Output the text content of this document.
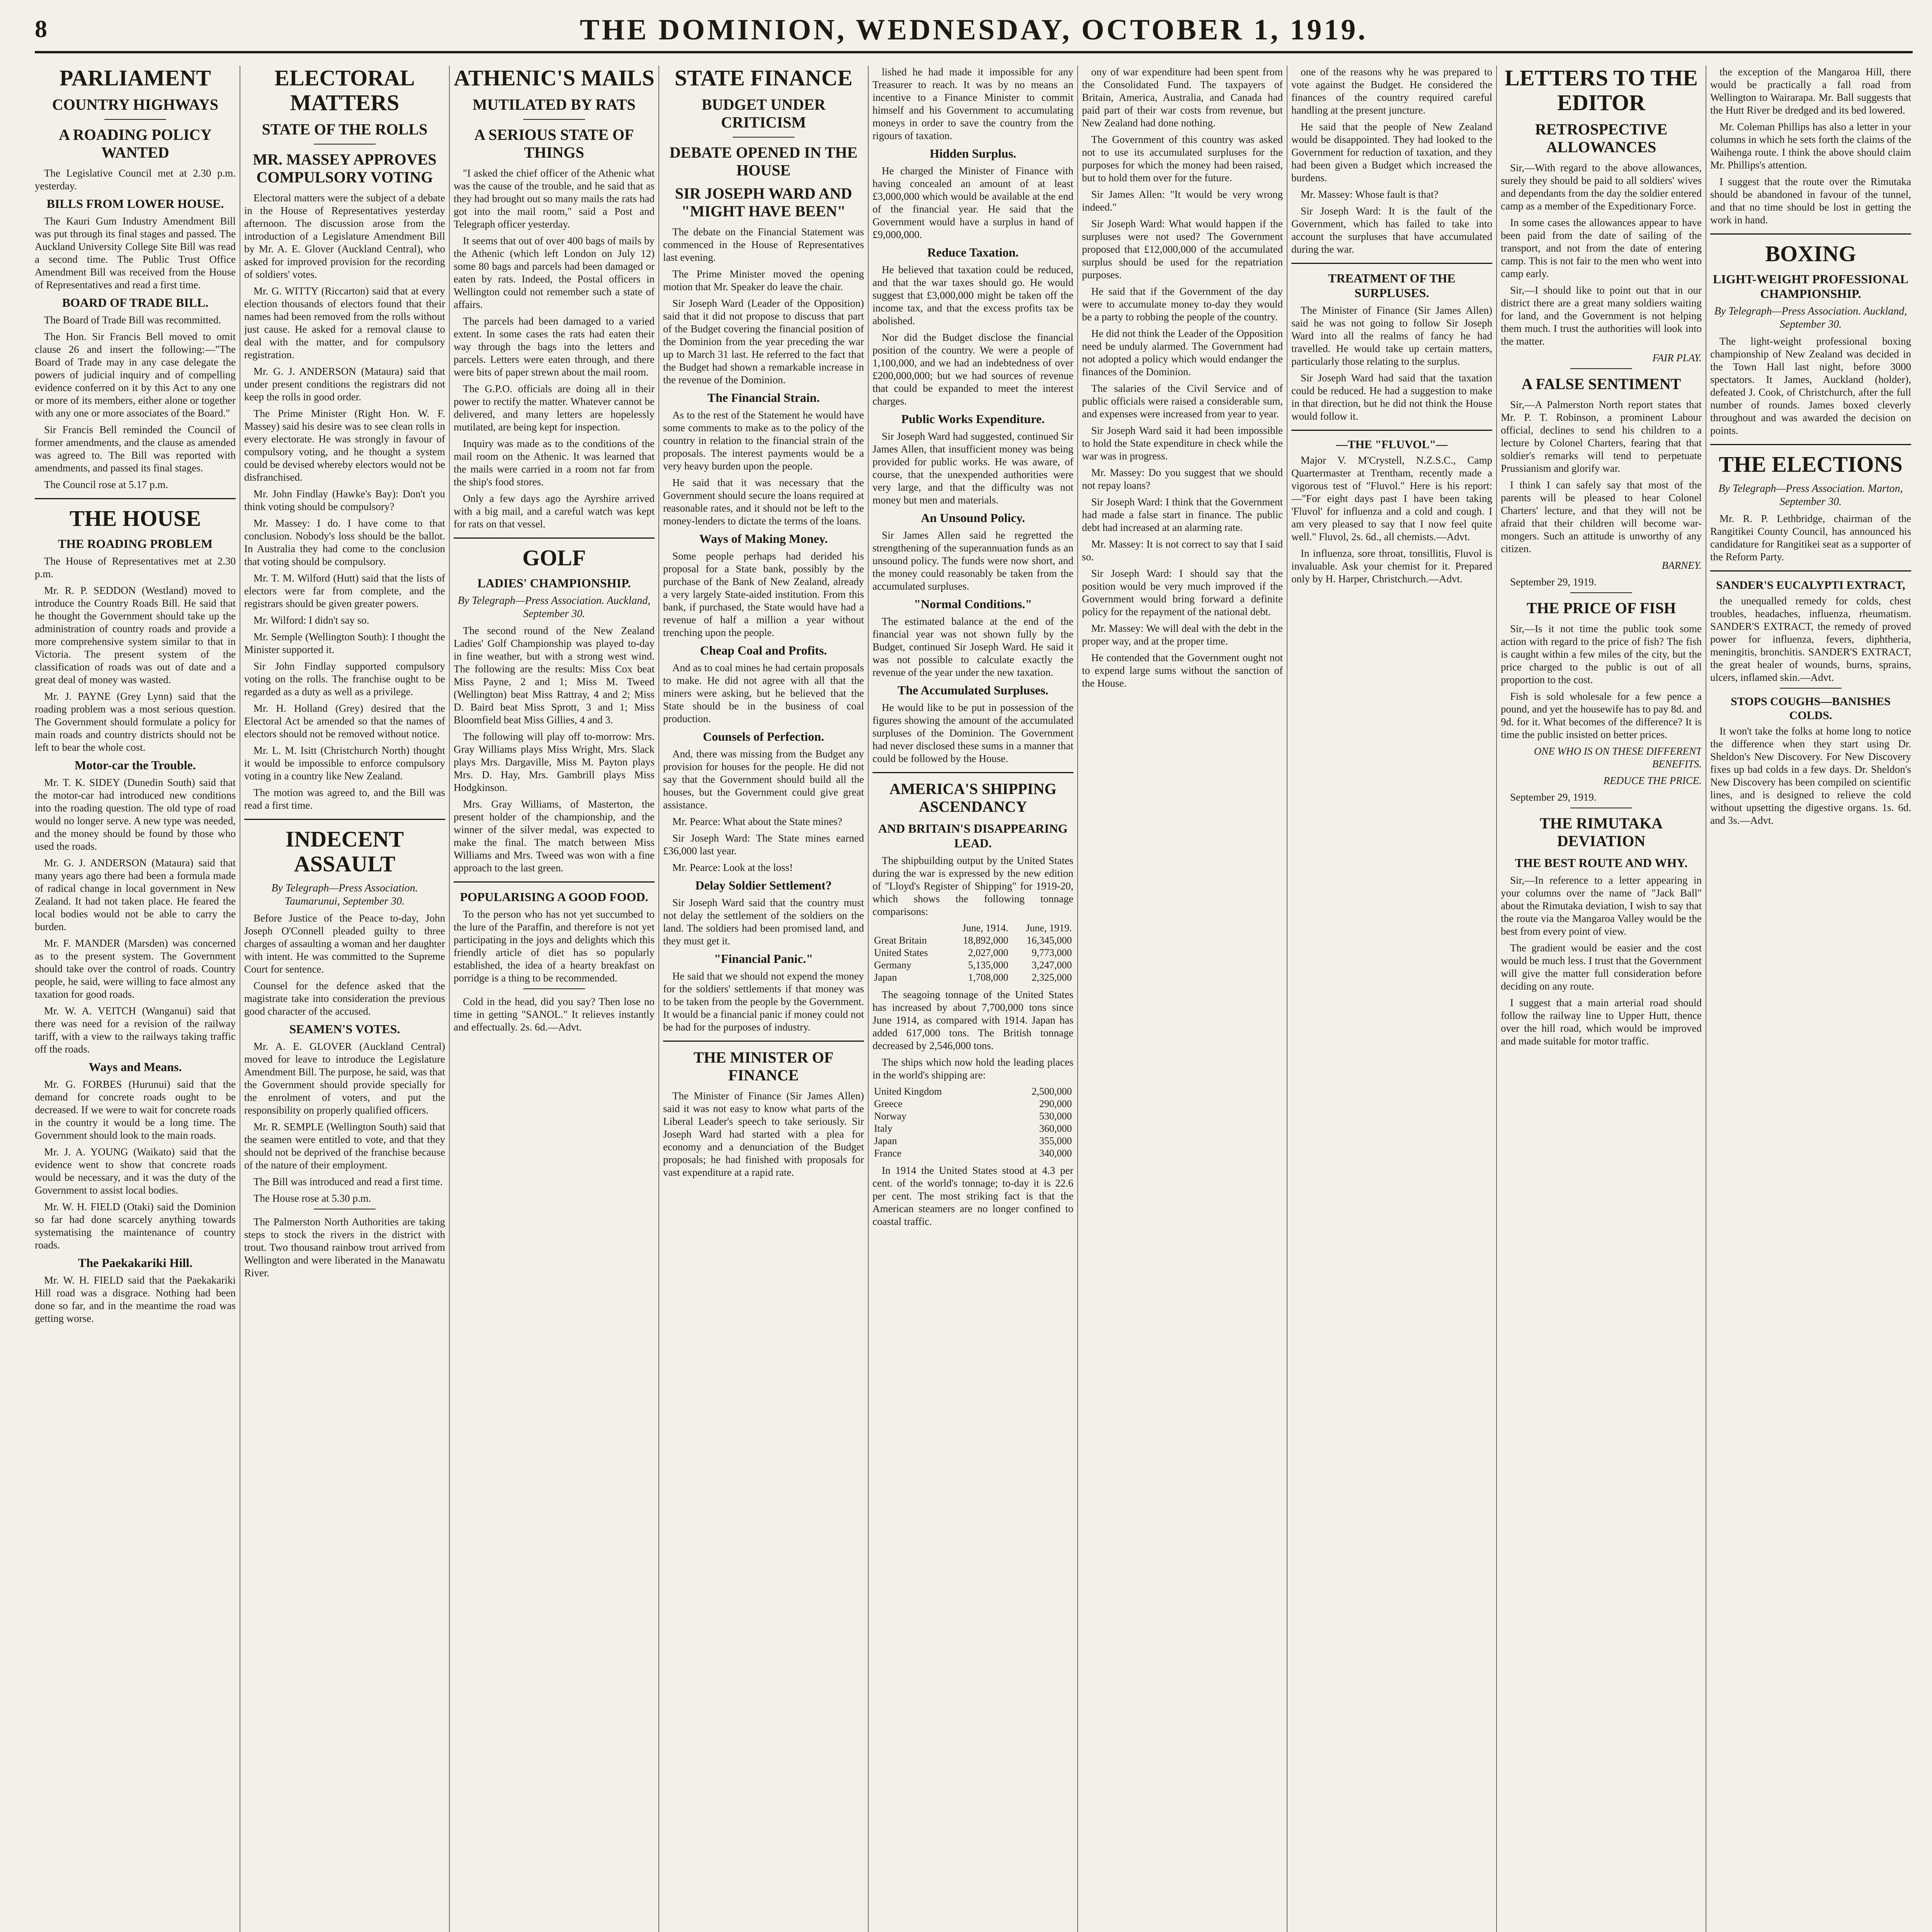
8	THE DOMINION, WEDNESDAY, OCTOBER 1, 1919.
PARLIAMENT
COUNTRY HIGHWAYS
A ROADING POLICY WANTED

The Legislative Council met at 2.30 p.m. yesterday.

BILLS FROM LOWER HOUSE.

The Kauri Gum Industry Amendment Bill was put through its final stages and passed. The Auckland University College Site Bill was read a second time. The Public Trust Office Amendment Bill was received from the House of Representatives and read a first time.

BOARD OF TRADE BILL.

The Board of Trade Bill was recommitted.

The Hon. Sir Francis Bell moved to omit clause 26 and insert the following:—"The Board of Trade may in any case delegate the powers of judicial inquiry and of compelling evidence conferred on it by this Act to any one or more of its members, either alone or together with any one or more associates of the Board."

Sir Francis Bell reminded the Council of former amendments, and the clause as amended was agreed to. The Bill was reported with amendments, and passed its final stages.

The Council rose at 5.17 p.m.

THE HOUSE
THE ROADING PROBLEM

The House of Representatives met at 2.30 p.m.

Mr. R. P. SEDDON (Westland) moved to introduce the Country Roads Bill. He said that he thought the Government should take up the administration of country roads and provide a more comprehensive system similar to that in Victoria. The present system of the classification of roads was out of date and a great deal of money was wasted.

Mr. J. PAYNE (Grey Lynn) said that the roading problem was a most serious question. The Government should formulate a policy for main roads and country districts should not be left to bear the whole cost.

Motor-car the Trouble.

Mr. T. K. SIDEY (Dunedin South) said that the motor-car had introduced new conditions into the roading question. The old type of road would no longer serve. A new type was needed, and the money should be found by those who used the roads.

Mr. G. J. ANDERSON (Mataura) said that many years ago there had been a formula made of radical change in local government in New Zealand. It had not taken place. He feared the local bodies would not be able to carry the burden.

Mr. F. MANDER (Marsden) was concerned as to the present system. The Government should take over the control of roads. Country people, he said, were willing to face almost any taxation for good roads.

Mr. W. A. VEITCH (Wanganui) said that there was need for a revision of the railway tariff, with a view to the railways taking traffic off the roads.

Ways and Means.

Mr. G. FORBES (Hurunui) said that the demand for concrete roads ought to be decreased. If we were to wait for concrete roads in the country it would be a long time. The Government should look to the main roads.

Mr. J. A. YOUNG (Waikato) said that the evidence went to show that concrete roads would be necessary, and it was the duty of the Government to assist local bodies.

Mr. W. H. FIELD (Otaki) said the Dominion so far had done scarcely anything towards systematising the maintenance of country roads.

The Paekakariki Hill.

Mr. W. H. FIELD said that the Paekakariki Hill road was a disgrace. Nothing had been done so far, and in the meantime the road was getting worse.

ELECTORAL MATTERS
STATE OF THE ROLLS
MR. MASSEY APPROVES COMPULSORY VOTING

Electoral matters were the subject of a debate in the House of Representatives yesterday afternoon. The discussion arose from the introduction of a Legislature Amendment Bill by Mr. A. E. Glover (Auckland Central), who asked for improved provision for the recording of soldiers' votes.

Mr. G. WITTY (Riccarton) said that at every election thousands of electors found that their names had been removed from the rolls without just cause. He asked for a removal clause to deal with the matter, and for compulsory registration.

Mr. G. J. ANDERSON (Mataura) said that under present conditions the registrars did not keep the rolls in good order.

The Prime Minister (Right Hon. W. F. Massey) said his desire was to see clean rolls in every electorate. He was strongly in favour of compulsory voting, and he thought a system could be devised whereby electors would not be disfranchised.

Mr. John Findlay (Hawke's Bay): Don't you think voting should be compulsory?

Mr. Massey: I do. I have come to that conclusion. Nobody's loss should be the ballot. In Australia they had come to the conclusion that voting should be compulsory.

Mr. T. M. Wilford (Hutt) said that the lists of electors were far from complete, and the registrars should be given greater powers.

Mr. Wilford: I didn't say so.

Mr. Semple (Wellington South): I thought the Minister supported it.

Sir John Findlay supported compulsory voting on the rolls. The franchise ought to be regarded as a duty as well as a privilege.

Mr. H. Holland (Grey) desired that the Electoral Act be amended so that the names of electors should not be removed without notice.

Mr. L. M. Isitt (Christchurch North) thought it would be impossible to enforce compulsory voting in a country like New Zealand.

The motion was agreed to, and the Bill was read a first time.

INDECENT ASSAULT
By Telegraph—Press Association. Taumarunui, September 30.

Before Justice of the Peace to-day, John Joseph O'Connell pleaded guilty to three charges of assaulting a woman and her daughter with intent. He was committed to the Supreme Court for sentence.

Counsel for the defence asked that the magistrate take into consideration the previous good character of the accused.

SEAMEN'S VOTES.

Mr. A. E. GLOVER (Auckland Central) moved for leave to introduce the Legislature Amendment Bill. The purpose, he said, was that the Government should provide specially for the enrolment of voters, and put the responsibility on properly qualified officers.

Mr. R. SEMPLE (Wellington South) said that the seamen were entitled to vote, and that they should not be deprived of the franchise because of the nature of their employment.

The Bill was introduced and read a first time.

The House rose at 5.30 p.m.

The Palmerston North Authorities are taking steps to stock the rivers in the district with trout. Two thousand rainbow trout arrived from Wellington and were liberated in the Manawatu River.

ATHENIC'S MAILS
MUTILATED BY RATS
A SERIOUS STATE OF THINGS

"I asked the chief officer of the Athenic what was the cause of the trouble, and he said that as they had brought out so many mails the rats had got into the mail room," said a Post and Telegraph officer yesterday.

It seems that out of over 400 bags of mails by the Athenic (which left London on July 12) some 80 bags and parcels had been damaged or eaten by rats. Indeed, the Postal officers in Wellington could not remember such a state of affairs.

The parcels had been damaged to a varied extent. In some cases the rats had eaten their way through the bags into the letters and parcels. Letters were eaten through, and there were bits of paper strewn about the mail room.

The G.P.O. officials are doing all in their power to rectify the matter. Whatever cannot be delivered, and many letters are hopelessly mutilated, are being kept for inspection.

Inquiry was made as to the conditions of the mail room on the Athenic. It was learned that the mails were carried in a room not far from the ship's food stores.

Only a few days ago the Ayrshire arrived with a big mail, and a careful watch was kept for rats on that vessel.

GOLF
LADIES' CHAMPIONSHIP.
By Telegraph—Press Association. Auckland, September 30.

The second round of the New Zealand Ladies' Golf Championship was played to-day in fine weather, but with a strong west wind. The following are the results: Miss Cox beat Miss Payne, 2 and 1; Miss M. Tweed (Wellington) beat Miss Rattray, 4 and 2; Miss D. Baird beat Miss Sprott, 3 and 1; Miss Bloomfield beat Miss Gillies, 4 and 3.

The following will play off to-morrow: Mrs. Gray Williams plays Miss Wright, Mrs. Slack plays Mrs. Dargaville, Miss M. Payton plays Mrs. D. Hay, Mrs. Gambrill plays Miss Hodgkinson.

Mrs. Gray Williams, of Masterton, the present holder of the championship, and the winner of the silver medal, was expected to make the final. The match between Miss Williams and Mrs. Tweed was won with a fine approach to the last green.

POPULARISING A GOOD FOOD.

To the person who has not yet succumbed to the lure of the Paraffin, and therefore is not yet participating in the joys and delights which this friendly article of diet has so popularly established, the idea of a hearty breakfast on porridge is a thing to be recommended.

Cold in the head, did you say? Then lose no time in getting "SANOL." It relieves instantly and effectually. 2s. 6d.—Advt.

STATE FINANCE
BUDGET UNDER CRITICISM
DEBATE OPENED IN THE HOUSE
SIR JOSEPH WARD AND "MIGHT HAVE BEEN"

The debate on the Financial Statement was commenced in the House of Representatives last evening.

The Prime Minister moved the opening motion that Mr. Speaker do leave the chair.

Sir Joseph Ward (Leader of the Opposition) said that it did not propose to discuss that part of the Budget covering the financial position of the Dominion from the year preceding the war up to March 31 last. He referred to the fact that the Budget had shown a remarkable increase in the revenue of the Dominion.

The Financial Strain.

As to the rest of the Statement he would have some comments to make as to the policy of the country in relation to the financial strain of the proposals. The interest payments would be a very heavy burden upon the people.

He said that it was necessary that the Government should secure the loans required at reasonable rates, and it should not be left to the money-lenders to dictate the terms of the loans.

Ways of Making Money.

Some people perhaps had derided his proposal for a State bank, possibly by the purchase of the Bank of New Zealand, already a very largely State-aided institution. From this bank, if purchased, the State would have had a revenue of half a million a year without trenching upon the people.

Cheap Coal and Profits.

And as to coal mines he had certain proposals to make. He did not agree with all that the miners were asking, but he believed that the State should be in the business of coal production.

Counsels of Perfection.

And, there was missing from the Budget any provision for houses for the people. He did not say that the Government should build all the houses, but the Government could give great assistance.

Mr. Pearce: What about the State mines?

Sir Joseph Ward: The State mines earned £36,000 last year.

Mr. Pearce: Look at the loss!

Delay Soldier Settlement?

Sir Joseph Ward said that the country must not delay the settlement of the soldiers on the land. The soldiers had been promised land, and they must get it.

"Financial Panic."

He said that we should not expend the money for the soldiers' settlements if that money was to be taken from the people by the Government. It would be a financial panic if money could not be had for the purposes of industry.

THE MINISTER OF FINANCE

The Minister of Finance (Sir James Allen) said it was not easy to know what parts of the Liberal Leader's speech to take seriously. Sir Joseph Ward had started with a plea for economy and a denunciation of the Budget proposals; he had finished with proposals for vast expenditure at a rapid rate.

lished he had made it impossible for any Treasurer to reach. It was by no means an incentive to a Finance Minister to commit himself and his Government to accumulating moneys in order to save the country from the rigours of taxation.

Hidden Surplus.

He charged the Minister of Finance with having concealed an amount of at least £3,000,000 which would be available at the end of the financial year. He said that the Government would have a surplus in hand of £9,000,000.

Reduce Taxation.

He believed that taxation could be reduced, and that the war taxes should go. He would suggest that £3,000,000 might be taken off the income tax, and that the excess profits tax be abolished.

Nor did the Budget disclose the financial position of the country. We were a people of 1,100,000, and we had an indebtedness of over £200,000,000; but we had sources of revenue that could be expanded to meet the interest charges.

Public Works Expenditure.

Sir Joseph Ward had suggested, continued Sir James Allen, that insufficient money was being provided for public works. He was aware, of course, that the unexpended authorities were very large, and that the difficulty was not money but men and materials.

An Unsound Policy.

Sir James Allen said he regretted the strengthening of the superannuation funds as an unsound policy. The funds were now short, and the money could reasonably be taken from the accumulated surpluses.

"Normal Conditions."

The estimated balance at the end of the financial year was not shown fully by the Budget, continued Sir Joseph Ward. He said it was not possible to calculate exactly the revenue of the year under the new taxation.

The Accumulated Surpluses.

He would like to be put in possession of the figures showing the amount of the accumulated surpluses of the Dominion. The Government had never disclosed these sums in a manner that could be followed by the House.

AMERICA'S SHIPPING ASCENDANCY
AND BRITAIN'S DISAPPEARING LEAD.

The shipbuilding output by the United States during the war is expressed by the new edition of "Lloyd's Register of Shipping" for 1919-20, which shows the following tonnage comparisons:

	June, 1914.	June, 1919.
Great Britain	18,892,000	16,345,000
United States	2,027,000	9,773,000
Germany	5,135,000	3,247,000
Japan	1,708,000	2,325,000

The seagoing tonnage of the United States has increased by about 7,700,000 tons since June 1914, as compared with 1914. Japan has added 617,000 tons. The British tonnage decreased by 2,546,000 tons.

The ships which now hold the leading places in the world's shipping are:

United Kingdom	2,500,000
Greece	290,000
Norway	530,000
Italy	360,000
Japan	355,000
France	340,000

In 1914 the United States stood at 4.3 per cent. of the world's tonnage; to-day it is 22.6 per cent. The most striking fact is that the American steamers are no longer confined to coastal traffic.

ony of war expenditure had been spent from the Consolidated Fund. The taxpayers of Britain, America, Australia, and Canada had paid part of their war costs from revenue, but New Zealand had done nothing.

The Government of this country was asked not to use its accumulated surpluses for the purposes for which the money had been raised, but to hold them over for the future.

Sir James Allen: "It would be very wrong indeed."

Sir Joseph Ward: What would happen if the surpluses were not used? The Government proposed that £12,000,000 of the accumulated surplus should be used for the repatriation purposes.

He said that if the Government of the day were to accumulate money to-day they would be a party to robbing the people of the country.

He did not think the Leader of the Opposition need be unduly alarmed. The Government had not adopted a policy which would endanger the finances of the Dominion.

The salaries of the Civil Service and of public officials were raised a considerable sum, and expenses were increased from year to year.

Sir Joseph Ward said it had been impossible to hold the State expenditure in check while the war was in progress.

Mr. Massey: Do you suggest that we should not repay loans?

Sir Joseph Ward: I think that the Government had made a false start in finance. The public debt had increased at an alarming rate.

Mr. Massey: It is not correct to say that I said so.

Sir Joseph Ward: I should say that the position would be very much improved if the Government would bring forward a definite policy for the repayment of the national debt.

Mr. Massey: We will deal with the debt in the proper way, and at the proper time.

He contended that the Government ought not to expend large sums without the sanction of the House.

one of the reasons why he was prepared to vote against the Budget. He considered the finances of the country required careful handling at the present juncture.

He said that the people of New Zealand would be disappointed. They had looked to the Government for reduction of taxation, and they had been given a Budget which increased the burdens.

Mr. Massey: Whose fault is that?

Sir Joseph Ward: It is the fault of the Government, which has failed to take into account the surpluses that have accumulated during the war.

TREATMENT OF THE SURPLUSES.

The Minister of Finance (Sir James Allen) said he was not going to follow Sir Joseph Ward into all the realms of fancy he had travelled. He would take up certain matters, particularly those relating to the surplus.

Sir Joseph Ward had said that the taxation could be reduced. He had a suggestion to make in that direction, but he did not think the House would follow it.

—THE "FLUVOL"—

Major V. M'Crystell, N.Z.S.C., Camp Quartermaster at Trentham, recently made a vigorous test of "Fluvol." Here is his report:—"For eight days past I have been taking 'Fluvol' for influenza and a cold and cough. I am very pleased to say that I now feel quite well." Fluvol, 2s. 6d., all chemists.—Advt.

In influenza, sore throat, tonsillitis, Fluvol is invaluable. Ask your chemist for it. Prepared only by H. Harper, Christchurch.—Advt.

LETTERS TO THE EDITOR
RETROSPECTIVE ALLOWANCES

Sir,—With regard to the above allowances, surely they should be paid to all soldiers' wives and dependants from the day the soldier entered camp as a member of the Expeditionary Force.

In some cases the allowances appear to have been paid from the date of sailing of the transport, and not from the date of entering camp. This is not fair to the men who went into camp early.

Sir,—I should like to point out that in our district there are a great many soldiers waiting for land, and the Government is not helping them much. I trust the authorities will look into the matter.

FAIR PLAY.

A FALSE SENTIMENT

Sir,—A Palmerston North report states that Mr. P. T. Robinson, a prominent Labour official, declines to send his children to a lecture by Colonel Charters, fearing that that soldier's remarks will tend to perpetuate Prussianism and glorify war.

I think I can safely say that most of the parents will be pleased to hear Colonel Charters' lecture, and that they will not be afraid that their children will become war-mongers. Such an attitude is unworthy of any citizen.

BARNEY.

September 29, 1919.

THE PRICE OF FISH

Sir,—Is it not time the public took some action with regard to the price of fish? The fish is caught within a few miles of the city, but the price charged to the public is out of all proportion to the cost.

Fish is sold wholesale for a few pence a pound, and yet the housewife has to pay 8d. and 9d. for it. What becomes of the difference? It is time the public insisted on better prices.

ONE WHO IS ON THESE DIFFERENT BENEFITS.

REDUCE THE PRICE.

September 29, 1919.

THE RIMUTAKA DEVIATION
THE BEST ROUTE AND WHY.

Sir,—In reference to a letter appearing in your columns over the name of "Jack Ball" about the Rimutaka deviation, I wish to say that the route via the Mangaroa Valley would be the best from every point of view.

The gradient would be easier and the cost would be much less. I trust that the Government will give the matter full consideration before deciding on any route.

I suggest that a main arterial road should follow the railway line to Upper Hutt, thence over the hill road, which would be improved and made suitable for motor traffic.

the exception of the Mangaroa Hill, there would be practically a fall road from Wellington to Wairarapa. Mr. Ball suggests that the Hutt River be dredged and its bed lowered.

Mr. Coleman Phillips has also a letter in your columns in which he sets forth the claims of the Waihenga route. I think the above should claim Mr. Phillips's attention.

I suggest that the route over the Rimutaka should be abandoned in favour of the tunnel, and that no time should be lost in getting the work in hand.

BOXING
LIGHT-WEIGHT PROFESSIONAL CHAMPIONSHIP.
By Telegraph—Press Association. Auckland, September 30.

The light-weight professional boxing championship of New Zealand was decided in the Town Hall last night, before 3000 spectators. It James, Auckland (holder), defeated J. Cook, of Christchurch, after the full number of rounds. James boxed cleverly throughout and was awarded the decision on points.

THE ELECTIONS
By Telegraph—Press Association. Marton, September 30.

Mr. R. P. Lethbridge, chairman of the Rangitikei County Council, has announced his candidature for Rangitikei seat as a supporter of the Reform Party.

SANDER'S EUCALYPTI EXTRACT,

the unequalled remedy for colds, chest troubles, headaches, influenza, rheumatism. SANDER'S EXTRACT, the remedy of proved power for influenza, fevers, diphtheria, meningitis, bronchitis. SANDER'S EXTRACT, the great healer of wounds, burns, sprains, ulcers, inflamed skin.—Advt.

STOPS COUGHS—BANISHES COLDS.

It won't take the folks at home long to notice the difference when they start using Dr. Sheldon's New Discovery. For New Discovery fixes up bad colds in a few days. Dr. Sheldon's New Discovery has been compiled on scientific lines, and is designed to relieve the cold without upsetting the digestive organs. 1s. 6d. and 3s.—Advt.
